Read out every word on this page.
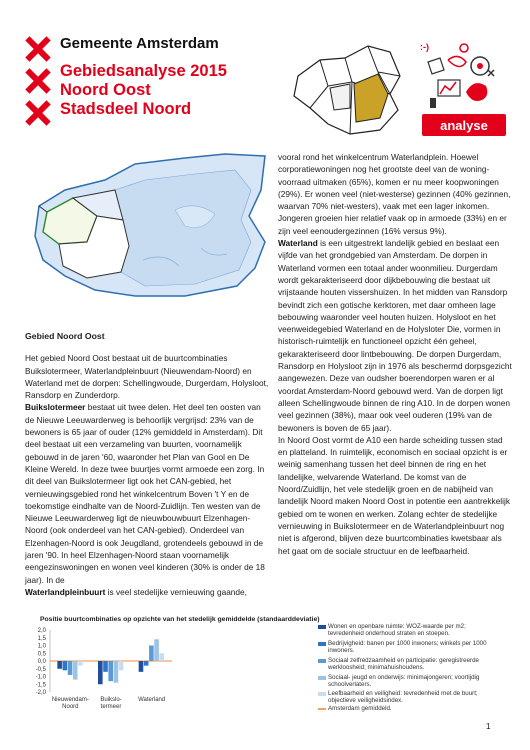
Gemeente Amsterdam
Gebiedsanalyse 2015
Noord Oost
Stadsdeel Noord
:-)
analyse
Gebied Noord Oost

Het gebied Noord Oost bestaat uit de buurtcombinaties Buikslotermeer, Waterlandpleinbuurt (Nieuwendam-Noord) en Waterland met de dorpen: Schellingwoude, Durgerdam, Holysloot, Ransdorp en Zunderdorp.

Buikslotermeer bestaat uit twee delen. Het deel ten oosten van de Nieuwe Leeuwarderweg is behoorlijk vergrijsd: 23% van de bewoners is 65 jaar of ouder (12% gemiddeld in Amsterdam). Dit deel bestaat uit een verzameling van buurten, voornamelijk gebouwd in de jaren '60, waaronder het Plan van Gool en De Kleine Wereld. In deze twee buurtjes vormt armoede een zorg. In dit deel van Buikslotermeer ligt ook het CAN-gebied, het vernieuwingsgebied rond het winkelcentrum Boven 't Y en de toekomstige eindhalte van de Noord-Zuidlijn. Ten westen van de Nieuwe Leeuwarderweg ligt de nieuwbouwbuurt Elzenhagen-Noord (ook onderdeel van het CAN-gebied). Onderdeel van Elzenhagen-Noord is ook Jeugdland, grotendeels gebouwd in de jaren '90. In heel Elzenhagen-Noord staan voornamelijk eengezinswoningen en wonen veel kinderen (30% is onder de 18 jaar). In de

Waterlandpleinbuurt is veel stedelijke vernieuwing gaande,

vooral rond het winkelcentrum Waterlandplein. Hoewel corporatiewoningen nog het grootste deel van de woning-voorraad uitmaken (65%), komen er nu meer koopwoningen (29%). Er wonen veel (niet-westerse) gezinnen (40% gezinnen, waarvan 70% niet-westers), vaak met een lager inkomen. Jongeren groeien hier relatief vaak op in armoede (33%) en er zijn veel eenoudergezinnen (16% versus 9%).

Waterland is een uitgestrekt landelijk gebied en beslaat een vijfde van het grondgebied van Amsterdam. De dorpen in Waterland vormen een totaal ander woonmilieu. Durgerdam wordt gekarakteriseerd door dijkbebouwing die bestaat uit vrijstaande houten vissershuizen. In het midden van Ransdorp bevindt zich een gotische kerktoren, met daar omheen lage bebouwing waaronder veel houten huizen. Holysloot en het veenweidegebied Waterland en de Holysloter Die, vormen in historisch-ruimtelijk en functioneel opzicht één geheel, gekarakteriseerd door lintbebouwing. De dorpen Durgerdam, Ransdorp en Holysloot zijn in 1976 als beschermd dorpsgezicht aangewezen. Deze van oudsher boerendorpen waren er al voordat Amsterdam-Noord gebouwd werd. Van de dorpen ligt alleen Schellingwoude binnen de ring A10. In de dorpen wonen veel gezinnen (38%), maar ook veel ouderen (19% van de bewoners is boven de 65 jaar).

In Noord Oost vormt de A10 een harde scheiding tussen stad en platteland. In ruimtelijk, economisch en sociaal opzicht is er weinig samenhang tussen het deel binnen de ring en het landelijke, welvarende Waterland. De komst van de Noord/Zuidlijn, het vele stedelijk groen en de nabijheid van landelijk Noord maken Noord Oost in potentie een aantrekkelijk gebied om te wonen en werken. Zolang echter de stedelijke vernieuwing in Buikslotermeer en de Waterlandpleinbuurt nog niet is afgerond, blijven deze buurtcombinaties kwetsbaar als het gaat om de sociale structuur en de leefbaarheid.

Positie buurtcombinaties op opzichte van het stedelijk gemiddelde (standaarddeviatie)
2,0
1,5
1,0
0,5
0,0
-0,5
-1,0
-1,5
-2,0
Nieuwendam-
Noord
Buikslo-
termeer
Waterland
Wonen en openbare ruimte: WOZ-waarde per m2; tevredenheid onderhoud straten en stoepen.
Bedrijvigheid: banen per 1000 inwoners; winkels per 1000 inwoners.
Sociaal zelfredzaamheid en participatie: geregistreerde werkloosheid; minimahuishoudens.
Sociaal- jeugd en onderwijs: minimajongeren; voortijdig schoolverlaters.
Leefbaarheid en veiligheid: tevredenheid met de buurt; objectieve veiligheidsindex.
Amsterdam gemiddeld.
1
